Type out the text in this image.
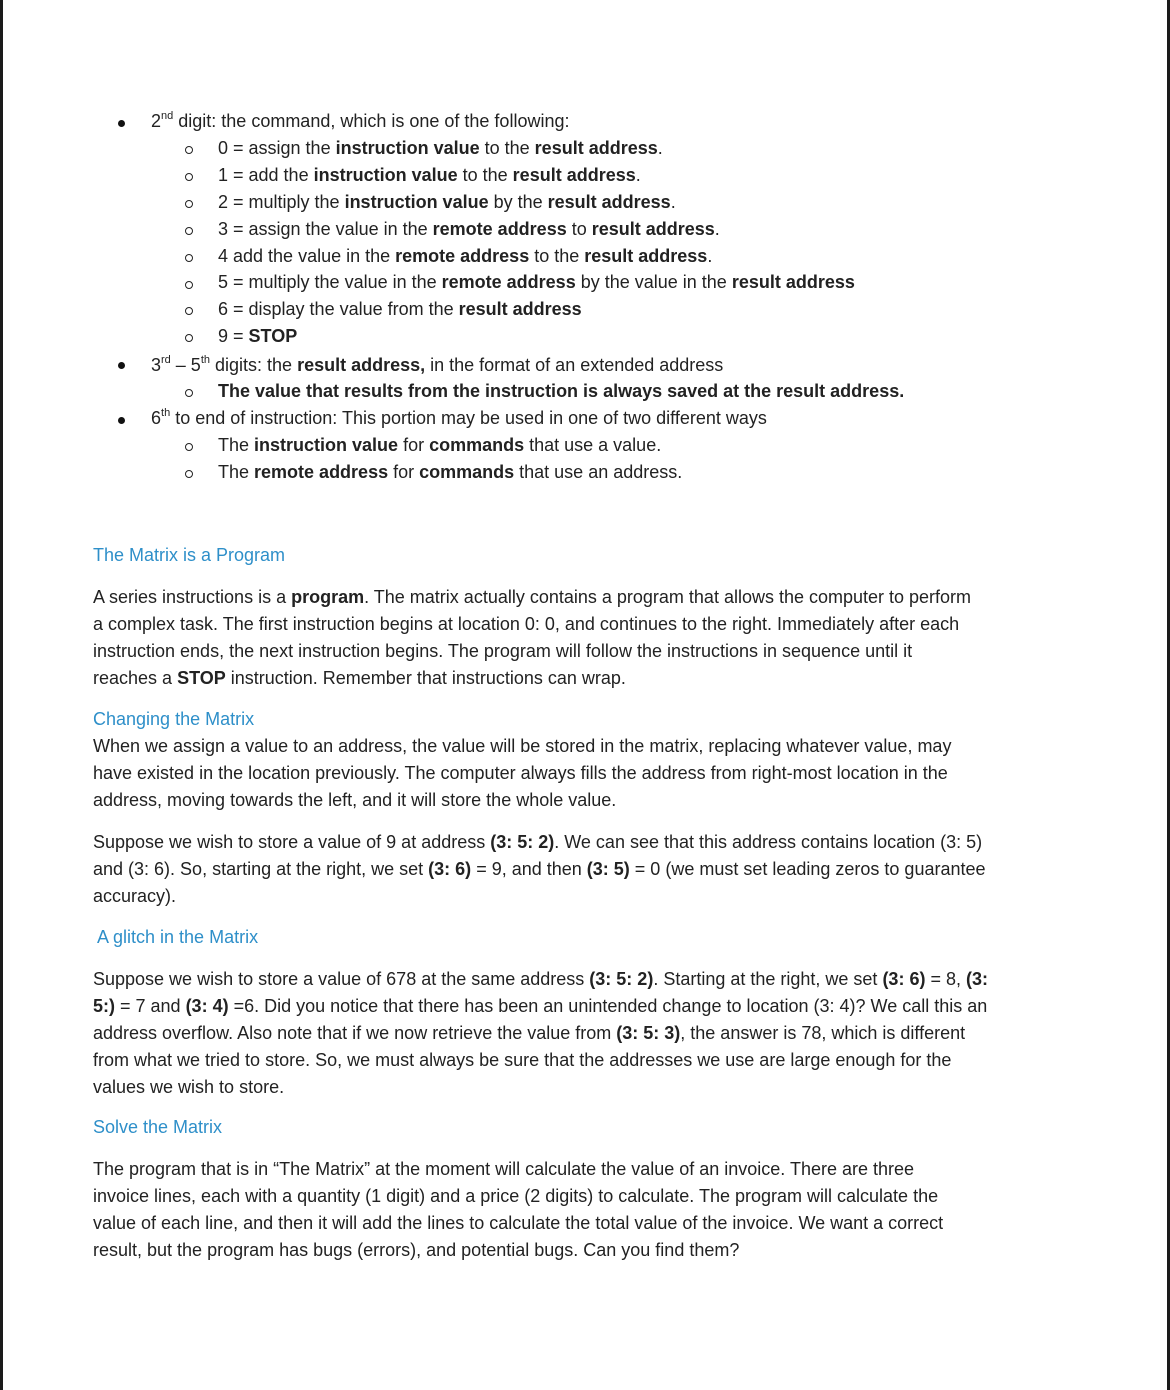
2nd digit: the command, which is one of the following:
0 = assign the instruction value to the result address.
1 = add the instruction value to the result address.
2 = multiply the instruction value by the result address.
3 = assign the value in the remote address to result address.
4 add the value in the remote address to the result address.
5 = multiply the value in the remote address by the value in the result address
6 = display the value from the result address
9 = STOP
3rd – 5th digits: the result address, in the format of an extended address
The value that results from the instruction is always saved at the result address.
6th to end of instruction: This portion may be used in one of two different ways
The instruction value for commands that use a value.
The remote address for commands that use an address.
The Matrix is a Program
A series instructions is a program. The matrix actually contains a program that allows the computer to perform
a complex task. The first instruction begins at location 0: 0, and continues to the right. Immediately after each
instruction ends, the next instruction begins. The program will follow the instructions in sequence until it
reaches a STOP instruction. Remember that instructions can wrap.
Changing the Matrix
When we assign a value to an address, the value will be stored in the matrix, replacing whatever value, may
have existed in the location previously. The computer always fills the address from right-most location in the
address, moving towards the left, and it will store the whole value.
Suppose we wish to store a value of 9 at address (3: 5: 2). We can see that this address contains location (3: 5)
and (3: 6). So, starting at the right, we set (3: 6) = 9, and then (3: 5) = 0 (we must set leading zeros to guarantee
accuracy).
A glitch in the Matrix
Suppose we wish to store a value of 678 at the same address (3: 5: 2). Starting at the right, we set (3: 6) = 8, (3:
5:) = 7 and (3: 4) =6. Did you notice that there has been an unintended change to location (3: 4)? We call this an
address overflow. Also note that if we now retrieve the value from (3: 5: 3), the answer is 78, which is different
from what we tried to store. So, we must always be sure that the addresses we use are large enough for the
values we wish to store.
Solve the Matrix
The program that is in “The Matrix” at the moment will calculate the value of an invoice. There are three
invoice lines, each with a quantity (1 digit) and a price (2 digits) to calculate. The program will calculate the
value of each line, and then it will add the lines to calculate the total value of the invoice. We want a correct
result, but the program has bugs (errors), and potential bugs. Can you find them?
